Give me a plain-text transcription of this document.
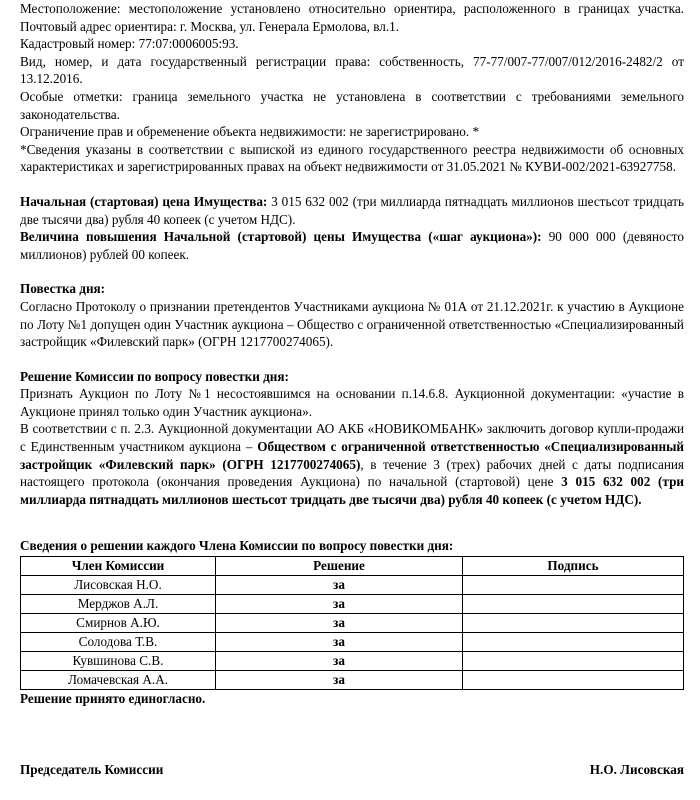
Местоположение: местоположение установлено относительно ориентира, расположенного в границах участка. Почтовый адрес ориентира: г. Москва, ул. Генерала Ермолова, вл.1.

Кадастровый номер: 77:07:0006005:93.

Вид, номер, и дата государственный регистрации права: собственность, 77-77/007-77/007/012/2016-2482/2 от 13.12.2016.

Особые отметки: граница земельного участка не установлена в соответствии с требованиями земельного законодательства.

Ограничение прав и обременение объекта недвижимости: не зарегистрировано. *

*Сведения указаны в соответствии с выпиской из единого государственного реестра недвижимости об основных характеристиках и зарегистрированных правах на объект недвижимости от 31.05.2021 № КУВИ-002/2021-63927758.

Начальная (стартовая) цена Имущества: 3 015 632 002 (три миллиарда пятнадцать миллионов шестьсот тридцать две тысячи два) рубля 40 копеек (с учетом НДС).

Величина повышения Начальной (стартовой) цены Имущества («шаг аукциона»): 90 000 000 (девяносто миллионов) рублей 00 копеек.

Повестка дня:

Согласно Протоколу о признании претендентов Участниками аукциона № 01А от 21.12.2021г. к участию в Аукционе по Лоту №1 допущен один Участник аукциона – Общество с ограниченной ответственностью «Специализированный застройщик «Филевский парк» (ОГРН 1217700274065).

Решение Комиссии по вопросу повестки дня:

Признать Аукцион по Лоту №1 несостоявшимся на основании п.14.6.8. Аукционной документации: «участие в Аукционе принял только один Участник аукциона».

В соответствии с п. 2.3. Аукционной документации АО АКБ «НОВИКОМБАНК» заключить договор купли-продажи с Единственным участником аукциона – Обществом с ограниченной ответственностью «Специализированный застройщик «Филевский парк» (ОГРН 1217700274065), в течение 3 (трех) рабочих дней с даты подписания настоящего протокола (окончания проведения Аукциона) по начальной (стартовой) цене 3 015 632 002 (три миллиарда пятнадцать миллионов шестьсот тридцать две тысячи два) рубля 40 копеек (с учетом НДС).

Сведения о решении каждого Члена Комиссии по вопросу повестки дня:

Член Комиссии	Решение	Подпись
Лисовская Н.О.	за	
Мерджов А.Л.	за	
Смирнов А.Ю.	за	
Солодова Т.В.	за	
Кувшинова С.В.	за	
Ломачевская А.А.	за	

Решение принято единогласно.

Председатель Комиссии	Н.О. Лисовская
